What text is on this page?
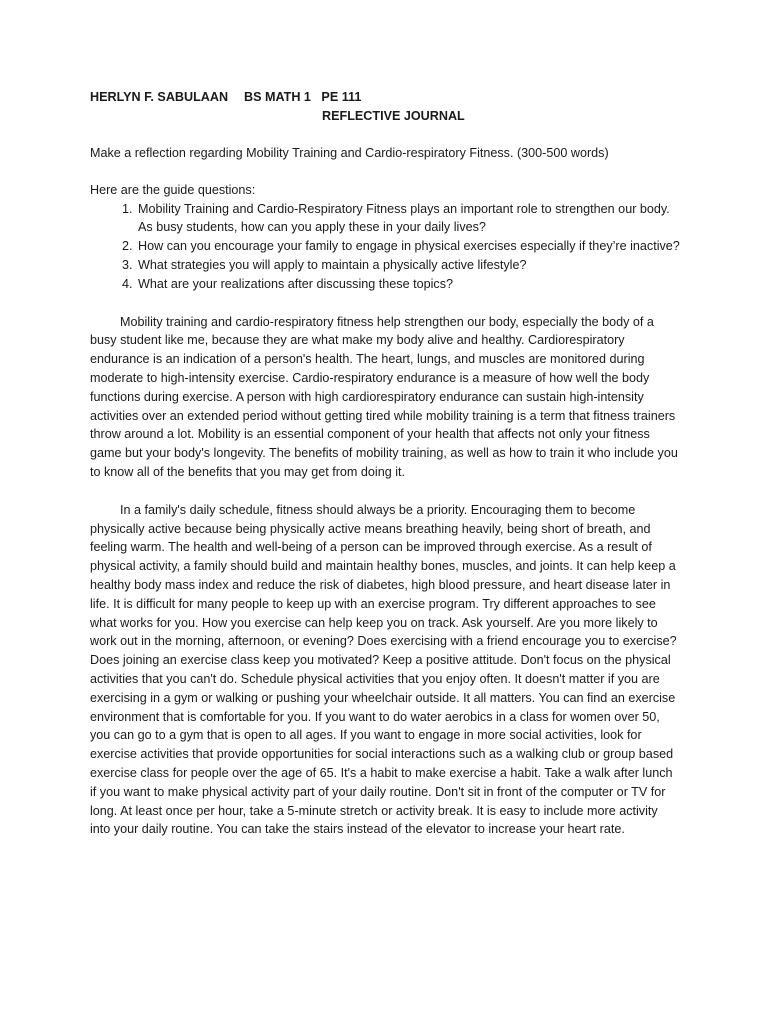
HERLYN F. SABULAAN BS MATH 1   PE 111
REFLECTIVE JOURNAL
Make a reflection regarding Mobility Training and Cardio-respiratory Fitness. (300-500 words)
Here are the guide questions:
1. Mobility Training and Cardio-Respiratory Fitness plays an important role to strengthen our body. As busy students, how can you apply these in your daily lives?
2. How can you encourage your family to engage in physical exercises especially if they’re inactive?
3. What strategies you will apply to maintain a physically active lifestyle?
4. What are your realizations after discussing these topics?

Mobility training and cardio-respiratory fitness help strengthen our body, especially the body of a busy student like me, because they are what make my body alive and healthy. Cardiorespiratory endurance is an indication of a person's health. The heart, lungs, and muscles are monitored during moderate to high-intensity exercise. Cardio-respiratory endurance is a measure of how well the body functions during exercise. A person with high cardiorespiratory endurance can sustain high-intensity activities over an extended period without getting tired while mobility training is a term that fitness trainers throw around a lot. Mobility is an essential component of your health that affects not only your fitness game but your body's longevity. The benefits of mobility training, as well as how to train it who include you to know all of the benefits that you may get from doing it.

In a family's daily schedule, fitness should always be a priority. Encouraging them to become physically active because being physically active means breathing heavily, being short of breath, and feeling warm. The health and well-being of a person can be improved through exercise. As a result of physical activity, a family should build and maintain healthy bones, muscles, and joints. It can help keep a healthy body mass index and reduce the risk of diabetes, high blood pressure, and heart disease later in life. It is difficult for many people to keep up with an exercise program. Try different approaches to see what works for you. How you exercise can help keep you on track. Ask yourself. Are you more likely to work out in the morning, afternoon, or evening? Does exercising with a friend encourage you to exercise? Does joining an exercise class keep you motivated? Keep a positive attitude. Don't focus on the physical activities that you can't do. Schedule physical activities that you enjoy often. It doesn't matter if you are exercising in a gym or walking or pushing your wheelchair outside. It all matters. You can find an exercise environment that is comfortable for you. If you want to do water aerobics in a class for women over 50, you can go to a gym that is open to all ages. If you want to engage in more social activities, look for exercise activities that provide opportunities for social interactions such as a walking club or group based exercise class for people over the age of 65. It's a habit to make exercise a habit. Take a walk after lunch if you want to make physical activity part of your daily routine. Don't sit in front of the computer or TV for long. At least once per hour, take a 5-minute stretch or activity break. It is easy to include more activity into your daily routine. You can take the stairs instead of the elevator to increase your heart rate.
